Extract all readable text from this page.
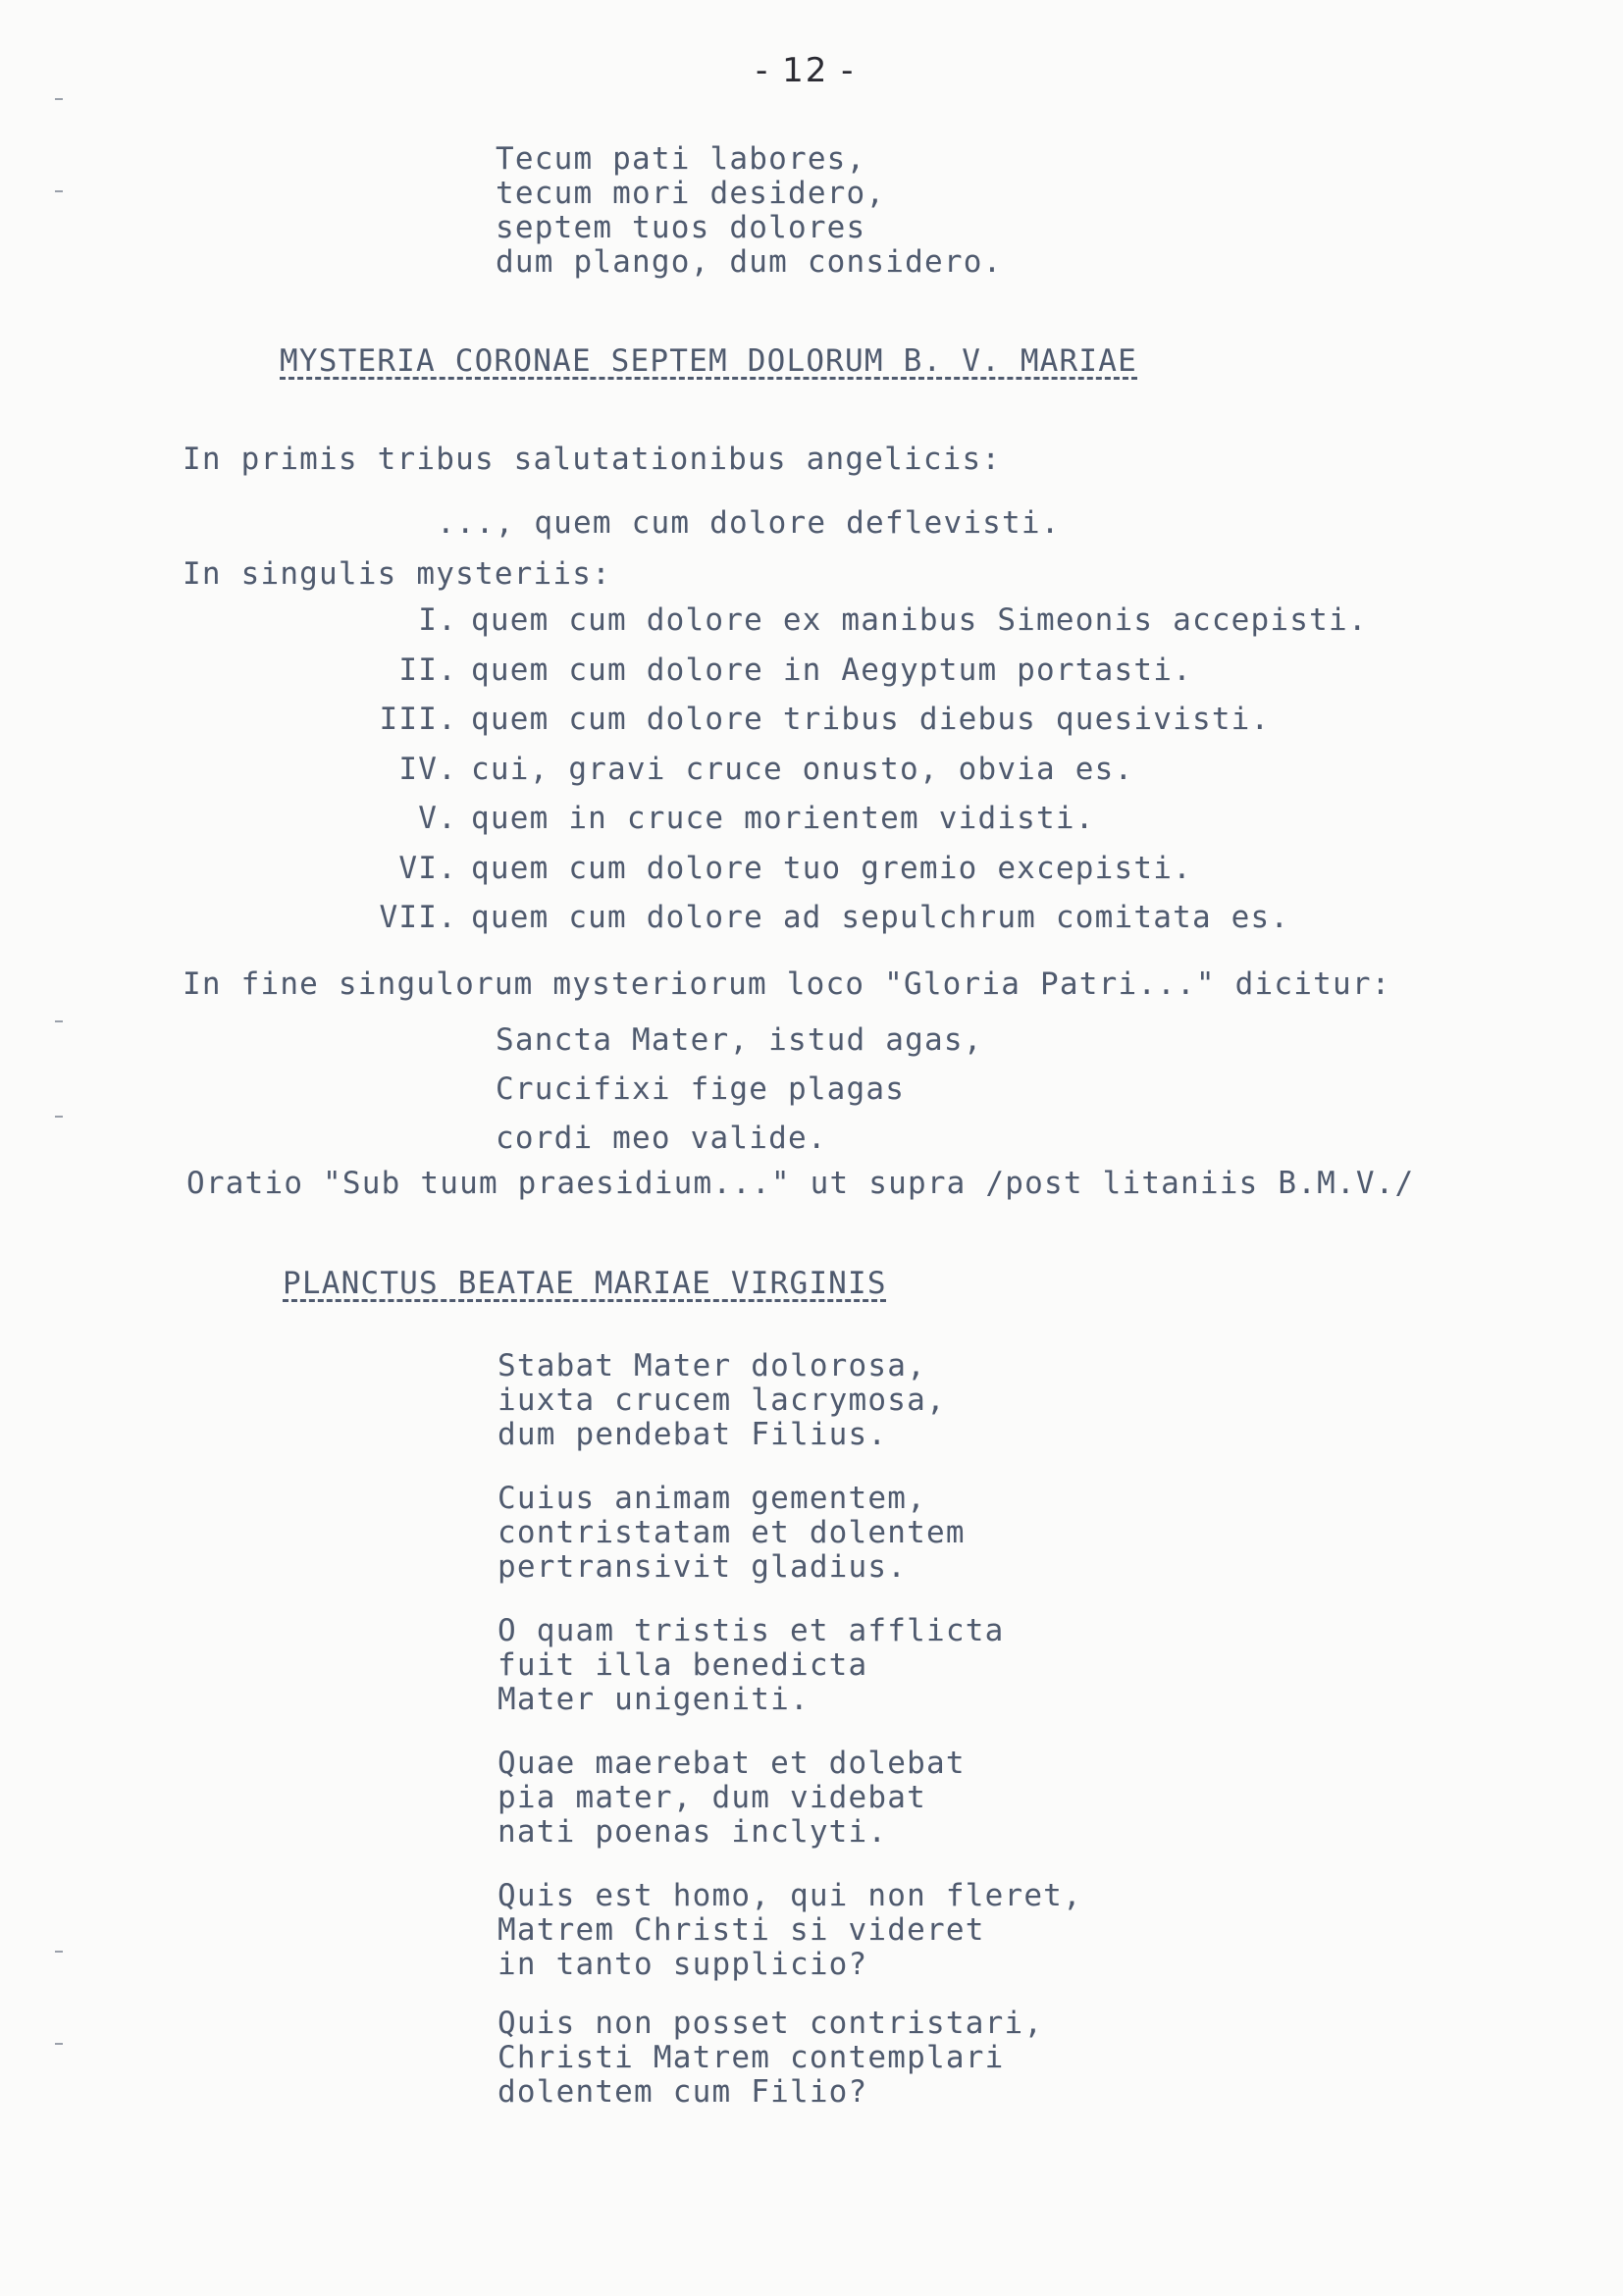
- 12 -
Tecum pati labores,
tecum mori desidero,
septem tuos dolores
dum plango, dum considero.
MYSTERIA CORONAE SEPTEM DOLORUM B. V. MARIAE
In primis tribus salutationibus angelicis:
..., quem cum dolore deflevisti.
In singulis mysteriis:
I. quem cum dolore ex manibus Simeonis accepisti.
II. quem cum dolore in Aegyptum portasti.
III. quem cum dolore tribus diebus quesivisti.
IV. cui, gravi cruce onusto, obvia es.
V. quem in cruce morientem vidisti.
VI. quem cum dolore tuo gremio excepisti.
VII. quem cum dolore ad sepulchrum comitata es.
In fine singulorum mysteriorum loco "Gloria Patri..." dicitur:
Sancta Mater, istud agas,
Crucifixi fige plagas
cordi meo valide.
Oratio "Sub tuum praesidium..." ut supra /post litaniis B.M.V./
PLANCTUS BEATAE MARIAE VIRGINIS
Stabat Mater dolorosa,
iuxta crucem lacrymosa,
dum pendebat Filius.
Cuius animam gementem,
contristatam et dolentem
pertransivit gladius.
O quam tristis et afflicta
fuit illa benedicta
Mater unigeniti.
Quae maerebat et dolebat
pia mater, dum videbat
nati poenas inclyti.
Quis est homo, qui non fleret,
Matrem Christi si videret
in tanto supplicio?
Quis non posset contristari,
Christi Matrem contemplari
dolentem cum Filio?
